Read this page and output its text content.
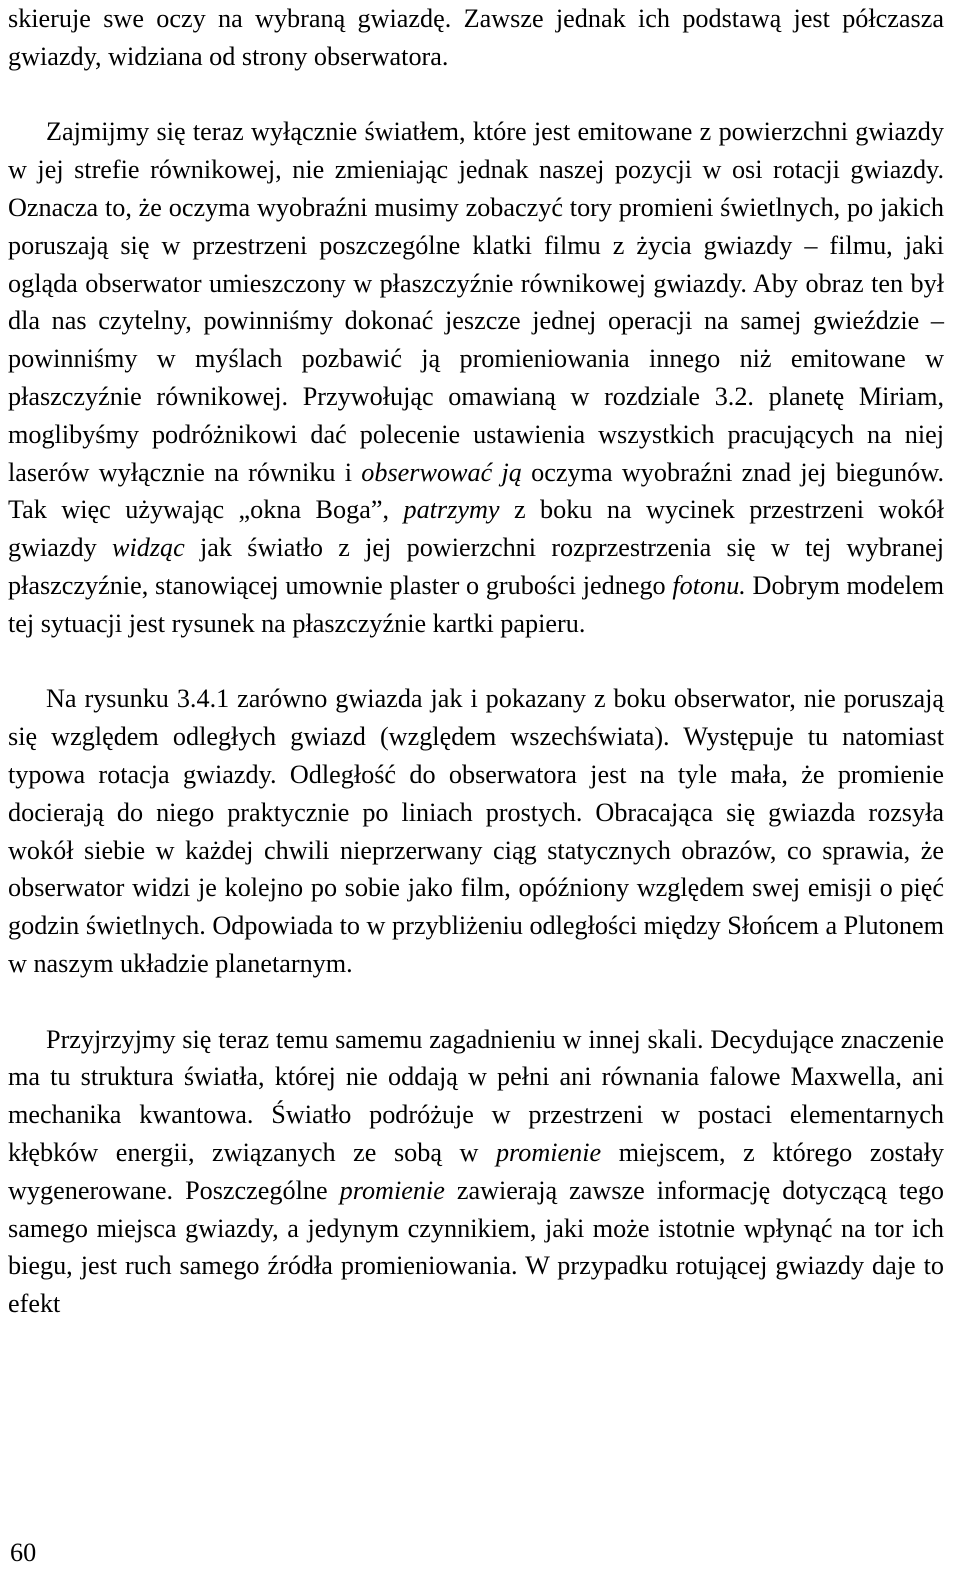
skieruje swe oczy na wybraną gwiazdę. Zawsze jednak ich podstawą jest półczasza gwiazdy, widziana od strony obserwatora.

Zajmijmy się teraz wyłącznie światłem, które jest emitowane z powierzchni gwiazdy w jej strefie równikowej, nie zmieniając jednak naszej pozycji w osi rotacji gwiazdy. Oznacza to, że oczyma wyobraźni musimy zobaczyć tory promieni świetlnych, po jakich poruszają się w przestrzeni poszczególne klatki filmu z życia gwiazdy – filmu, jaki ogląda obserwator umieszczony w płaszczyźnie równikowej gwiazdy. Aby obraz ten był dla nas czytelny, powinniśmy dokonać jeszcze jednej operacji na samej gwieździe – powinniśmy w myślach pozbawić ją promieniowania innego niż emitowane w płaszczyźnie równikowej. Przywołując omawianą w rozdziale 3.2. planetę Miriam, moglibyśmy podróżnikowi dać polecenie ustawienia wszystkich pracujących na niej laserów wyłącznie na równiku i obserwować ją oczyma wyobraźni znad jej biegunów. Tak więc używając „okna Boga”, patrzymy z boku na wycinek przestrzeni wokół gwiazdy widząc jak światło z jej powierzchni rozprzestrzenia się w tej wybranej płaszczyźnie, stanowiącej umownie plaster o grubości jednego fotonu. Dobrym modelem tej sytuacji jest rysunek na płaszczyźnie kartki papieru.

Na rysunku 3.4.1 zarówno gwiazda jak i pokazany z boku obserwator, nie poruszają się względem odległych gwiazd (względem wszechświata). Występuje tu natomiast typowa rotacja gwiazdy. Odległość do obserwatora jest na tyle mała, że promienie docierają do niego praktycznie po liniach prostych. Obracająca się gwiazda rozsyła wokół siebie w każdej chwili nieprzerwany ciąg statycznych obrazów, co sprawia, że obserwator widzi je kolejno po sobie jako film, opóźniony względem swej emisji o pięć godzin świetlnych. Odpowiada to w przybliżeniu odległości między Słońcem a Plutonem w naszym układzie planetarnym.

Przyjrzyjmy się teraz temu samemu zagadnieniu w innej skali. Decydujące znaczenie ma tu struktura światła, której nie oddają w pełni ani równania falowe Maxwella, ani mechanika kwantowa. Światło podróżuje w przestrzeni w postaci elementarnych kłębków energii, związanych ze sobą w promienie miejscem, z którego zostały wygenerowane. Poszczególne promienie zawierają zawsze informację dotyczącą tego samego miejsca gwiazdy, a jedynym czynnikiem, jaki może istotnie wpłynąć na tor ich biegu, jest ruch samego źródła promieniowania. W przypadku rotującej gwiazdy daje to efekt

60
